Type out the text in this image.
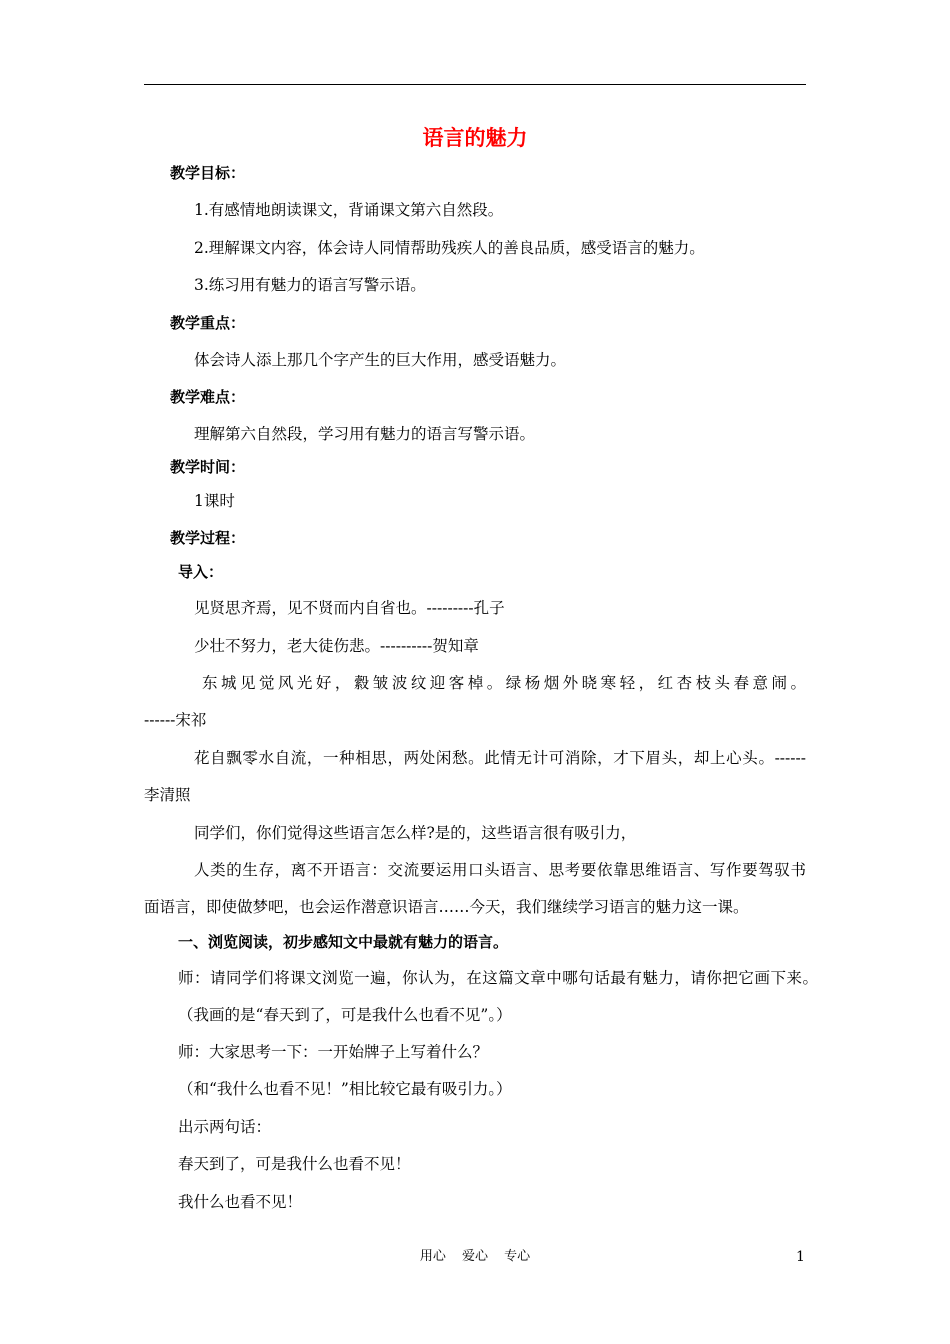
语言的魅力
教学目标：
1.有感情地朗读课文，背诵课文第六自然段。
2.理解课文内容，体会诗人同情帮助残疾人的善良品质，感受语言的魅力。
3.练习用有魅力的语言写警示语。
教学重点：
体会诗人添上那几个字产生的巨大作用，感受语魅力。
教学难点：
理解第六自然段，学习用有魅力的语言写警示语。
教学时间：
1课时
教学过程：
导入：
见贤思齐焉，见不贤而内自省也。---------孔子
少壮不努力，老大徒伤悲。----------贺知章
东城见觉风光好，縠皱波纹迎客棹。绿杨烟外晓寒轻，红杏枝头春意闹。
------宋祁
花自飘零水自流，一种相思，两处闲愁。此情无计可消除，才下眉头，却上心头。------
李清照
同学们，你们觉得这些语言怎么样?是的，这些语言很有吸引力，
人类的生存，离不开语言：交流要运用口头语言、思考要依靠思维语言、写作要驾驭书
面语言，即使做梦吧，也会运作潜意识语言……今天，我们继续学习语言的魅力这一课。
一、浏览阅读，初步感知文中最就有魅力的语言。
师：请同学们将课文浏览一遍，你认为，在这篇文章中哪句话最有魅力，请你把它画下来。
（我画的是“春天到了，可是我什么也看不见”。）
师：大家思考一下：一开始牌子上写着什么？
（和“我什么也看不见！”相比较它最有吸引力。）
出示两句话：
春天到了，可是我什么也看不见！
我什么也看不见！
用心 爱心 专心	1
